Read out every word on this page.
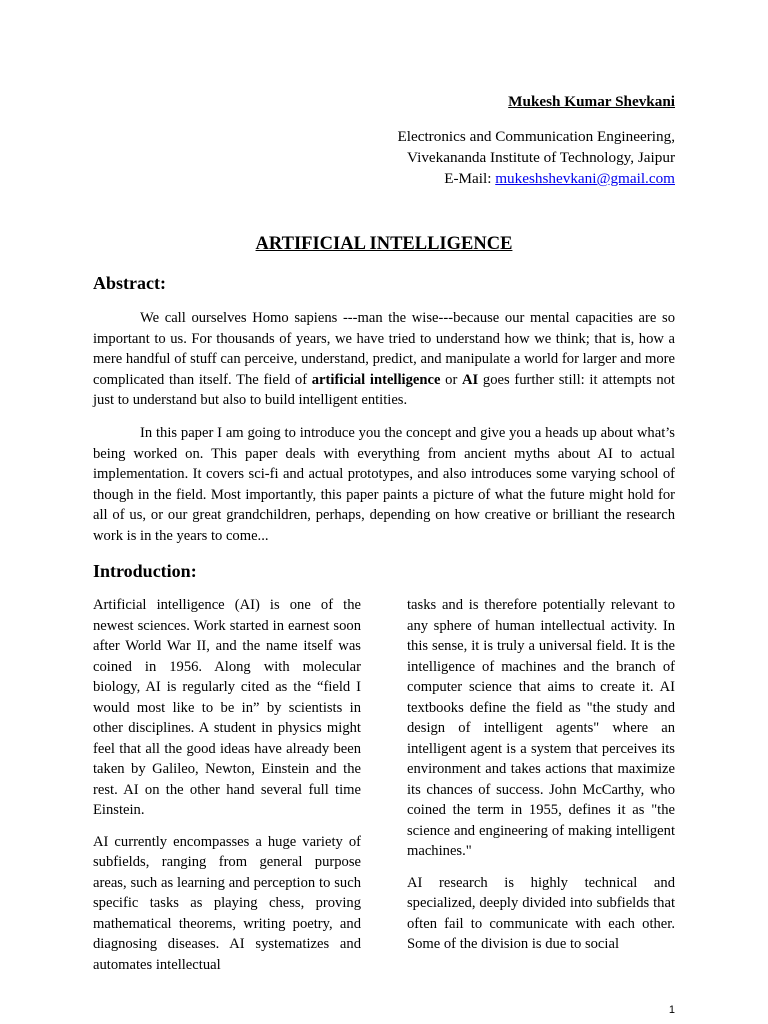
Mukesh Kumar Shevkani
Electronics and Communication Engineering,
Vivekananda Institute of Technology, Jaipur
E-Mail: mukeshshevkani@gmail.com
ARTIFICIAL INTELLIGENCE
Abstract:

We call ourselves Homo sapiens ---man the wise---because our mental capacities are so important to us. For thousands of years, we have tried to understand how we think; that is, how a mere handful of stuff can perceive, understand, predict, and manipulate a world for larger and more complicated than itself. The field of artificial intelligence or AI goes further still: it attempts not just to understand but also to build intelligent entities.

In this paper I am going to introduce you the concept and give you a heads up about what’s being worked on. This paper deals with everything from ancient myths about AI to actual implementation. It covers sci-fi and actual prototypes, and also introduces some varying school of though in the field. Most importantly, this paper paints a picture of what the future might hold for all of us, or our great grandchildren, perhaps, depending on how creative or brilliant the research work is in the years to come...

Introduction:

Artificial intelligence (AI) is one of the newest sciences. Work started in earnest soon after World War II, and the name itself was coined in 1956. Along with molecular biology, AI is regularly cited as the “field I would most like to be in” by scientists in other disciplines. A student in physics might feel that all the good ideas have already been taken by Galileo, Newton, Einstein and the rest. AI on the other hand several full time Einstein.

AI currently encompasses a huge variety of subfields, ranging from general purpose areas, such as learning and perception to such specific tasks as playing chess, proving mathematical theorems, writing poetry, and diagnosing diseases. AI systematizes and automates intellectual

tasks and is therefore potentially relevant to any sphere of human intellectual activity. In this sense, it is truly a universal field. It is the intelligence of machines and the branch of computer science that aims to create it. AI textbooks define the field as "the study and design of intelligent agents" where an intelligent agent is a system that perceives its environment and takes actions that maximize its chances of success. John McCarthy, who coined the term in 1955, defines it as "the science and engineering of making intelligent machines."

AI research is highly technical and specialized, deeply divided into subfields that often fail to communicate with each other. Some of the division is due to social

1
